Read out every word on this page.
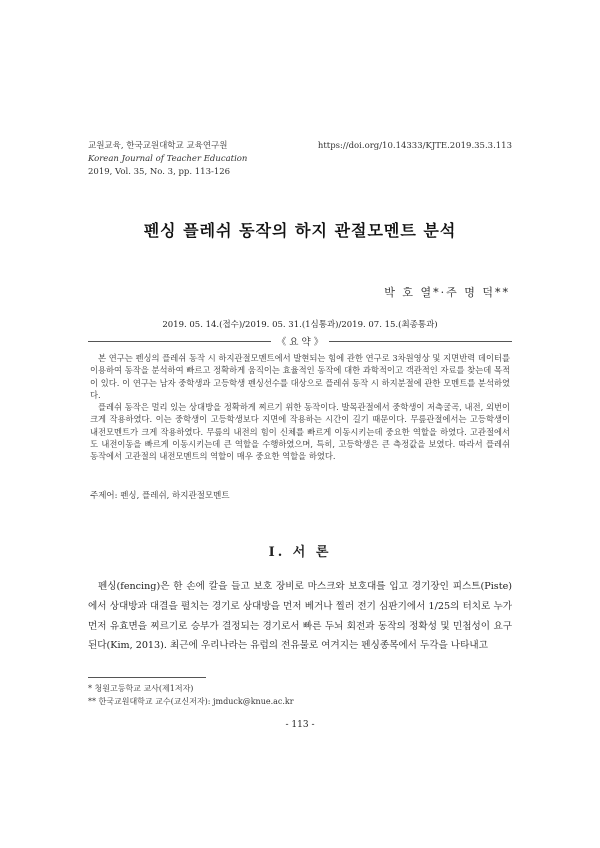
교원교육, 한국교원대학교 교육연구원
Korean Journal of Teacher Education
2019, Vol. 35, No. 3, pp. 113-126
https://doi.org/10.14333/KJTE.2019.35.3.113
펜싱 플레쉬 동작의 하지 관절모멘트 분석
박 호 열*·주 명 덕**
2019. 05. 14.(접수)/2019. 05. 31.(1심통과)/2019. 07. 15.(최종통과)
《 요 약 》

본 연구는 펜싱의 플레쉬 동작 시 하지관절모멘트에서 발현되는 힘에 관한 연구로 3차원영상 및 지면반력 데이터를 이용하여 동작을 분석하여 빠르고 정확하게 움직이는 효율적인 동작에 대한 과학적이고 객관적인 자료를 찾는데 목적이 있다. 이 연구는 남자 중학생과 고등학생 펜싱선수를 대상으로 플레쉬 동작 시 하지분절에 관한 모멘트를 분석하였다.

플레쉬 동작은 멀리 있는 상대방을 정확하게 찌르기 위한 동작이다. 발목관절에서 중학생이 저측굴곡, 내전, 외번이 크게 작용하였다. 이는 중학생이 고등학생보다 지면에 작용하는 시간이 길기 때문이다. 무릎관절에서는 고등학생이 내전모멘트가 크게 작용하였다. 무릎의 내전의 힘이 신체를 빠르게 이동시키는데 중요한 역할을 하였다. 고관절에서도 내전이동을 빠르게 이동시키는데 큰 역할을 수행하였으며, 특히, 고등학생은 큰 측정값을 보였다. 따라서 플레쉬 동작에서 고관절의 내전모멘트의 역할이 매우 중요한 역할을 하였다.

주제어: 펜싱, 플레쉬, 하지관절모멘트
Ⅰ. 서 론

펜싱(fencing)은 한 손에 칼을 들고 보호 장비로 마스크와 보호대를 입고 경기장인 피스트(Piste)에서 상대방과 대결을 펼치는 경기로 상대방을 먼저 베거나 찔러 전기 심판기에서 1/25의 터치로 누가 먼저 유효면을 찌르기로 승부가 결정되는 경기로서 빠른 두뇌 회전과 동작의 정확성 및 민첩성이 요구된다(Kim, 2013). 최근에 우리나라는 유럽의 전유물로 여겨지는 펜싱종목에서 두각을 나타내고

* 청원고등학교 교사(제1저자)
** 한국교원대학교 교수(교신저자): jmduck@knue.ac.kr
- 113 -
